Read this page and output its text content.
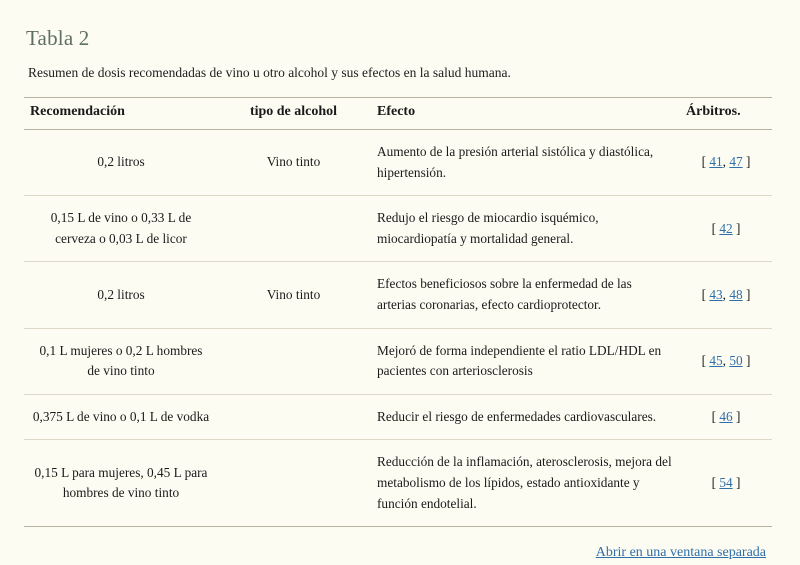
Tabla 2
Resumen de dosis recomendadas de vino u otro alcohol y sus efectos en la salud humana.
Recomendación	tipo de alcohol	Efecto	Árbitros.
0,2 litros	Vino tinto	Aumento de la presión arterial sistólica y diastólica, hipertensión.	[ 41, 47 ]
0,15 L de vino o 0,33 L de cerveza o 0,03 L de licor		Redujo el riesgo de miocardio isquémico, miocardiopatía y mortalidad general.	[ 42 ]
0,2 litros	Vino tinto	Efectos beneficiosos sobre la enfermedad de las arterias coronarias, efecto cardioprotector.	[ 43, 48 ]
0,1 L mujeres o 0,2 L hombres de vino tinto		Mejoró de forma independiente el ratio LDL/HDL en pacientes con arteriosclerosis	[ 45, 50 ]
0,375 L de vino o 0,1 L de vodka		Reducir el riesgo de enfermedades cardiovasculares.	[ 46 ]
0,15 L para mujeres, 0,45 L para hombres de vino tinto		Reducción de la inflamación, aterosclerosis, mejora del metabolismo de los lípidos, estado antioxidante y función endotelial.	[ 54 ]
Abrir en una ventana separada
